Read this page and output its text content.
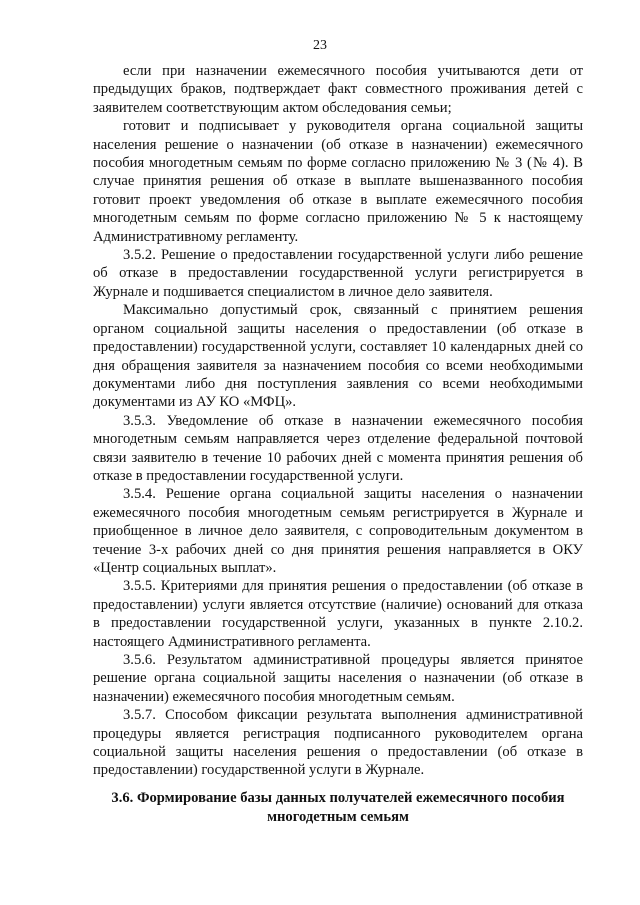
23

если при назначении ежемесячного пособия учитываются дети от предыдущих браков, подтверждает факт совместного проживания детей с заявителем соответствующим актом обследования семьи;

готовит и подписывает у руководителя органа социальной защиты населения решение о назначении (об отказе в назначении) ежемесячного пособия многодетным семьям по форме согласно приложению № 3 (№ 4). В случае принятия решения об отказе в выплате вышеназванного пособия готовит проект уведомления об отказе в выплате ежемесячного пособия многодетным семьям по форме согласно приложению № 5 к настоящему Административному регламенту.

3.5.2. Решение о предоставлении государственной услуги либо решение об отказе в предоставлении государственной услуги регистрируется в Журнале и подшивается специалистом в личное дело заявителя.

Максимально допустимый срок, связанный с принятием решения органом социальной защиты населения о предоставлении (об отказе в предоставлении) государственной услуги, составляет 10 календарных дней со дня обращения заявителя за назначением пособия со всеми необходимыми документами либо дня поступления заявления со всеми необходимыми документами из АУ КО «МФЦ».

3.5.3. Уведомление об отказе в назначении ежемесячного пособия многодетным семьям направляется через отделение федеральной почтовой связи заявителю в течение 10 рабочих дней с момента принятия решения об отказе в предоставлении государственной услуги.

3.5.4. Решение органа социальной защиты населения о назначении ежемесячного пособия многодетным семьям регистрируется в Журнале и приобщенное в личное дело заявителя, с сопроводительным документом в течение 3-х рабочих дней со дня принятия решения направляется в ОКУ «Центр социальных выплат».

3.5.5. Критериями для принятия решения о предоставлении (об отказе в предоставлении) услуги является отсутствие (наличие) оснований для отказа в предоставлении государственной услуги, указанных в пункте 2.10.2. настоящего Административного регламента.

3.5.6. Результатом административной процедуры является принятое решение органа социальной защиты населения о назначении (об отказе в назначении) ежемесячного пособия многодетным семьям.

3.5.7. Способом фиксации результата выполнения административной процедуры является регистрация подписанного руководителем органа социальной защиты населения решения о предоставлении (об отказе в предоставлении) государственной услуги в Журнале.

3.6. Формирование базы данных получателей ежемесячного пособия многодетным семьям
